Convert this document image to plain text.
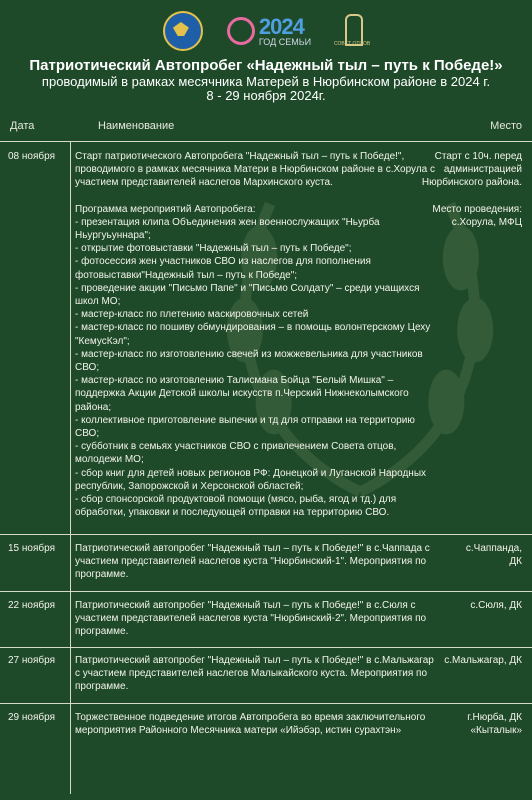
2024
ГОД СЕМЬИ	СОВЕТ ОТЦОВ
Патриотический Автопробег «Надежный тыл – путь к Победе!»
проводимый в рамках месячника Матерей в Нюрбинском районе в 2024 г.
8 - 29 ноября 2024г.
Дата	Наименование	Место
08 ноября Старт патриотического Автопробега "Надежный тыл – путь к Победе!", проводимого в рамках месячника Матери в Нюрбинском районе в с.Хорула с участием представителей наслегов Мархинского куста.

Программа мероприятий Автопробега:

- презентация клипа Объединения жен военнослужащих "Ньурба Ньургуьуннара";

- открытие фотовыставки "Надежный тыл – путь к Победе";

- фотосессия жен участников СВО из наслегов для пополнения фотовыставки"Надежный тыл – путь к Победе";

- проведение акции "Письмо Папе" и "Письмо Солдату" – среди учащихся школ МО;

- мастер-класс по плетению маскировочных сетей

- мастер-класс по пошиву обмундирования – в помощь волонтерскому Цеху "КемусКэл";

- мастер-класс по изготовлению свечей из можжевельника для участников СВО;

- мастер-класс по изготовлению Талисмана Бойца "Белый Мишка" – поддержка Акции Детской школы искусств п.Черский Нижнеколымского района;

- коллективное приготовление выпечки и тд для отправки на территорию СВО;

- субботник в семьях участников СВО с привлечением Совета отцов, молодежи МО;

- сбор книг для детей новых регионов РФ: Донецкой и Луганской Народных республик, Запорожской и Херсонской областей;

- сбор спонсорской продуктовой помощи (мясо, рыба, ягод и тд.) для обработки, упаковки и последующей отправки на территорию СВО.

Старт с 10ч. перед администрацией Нюрбинского района.
Место проведения: с.Хорула, МФЦ
15 ноября Патриотический автопробег "Надежный тыл – путь к Победе!" в с.Чаппада с участием представителей наслегов куста "Нюрбинский-1". Мероприятия по программе.
с.Чаппанда, ДК
22 ноября Патриотический автопробег "Надежный тыл – путь к Победе!" в с.Сюля с участием представителей наслегов куста "Нюрбинский-2". Мероприятия по программе.
с.Сюля, ДК
27 ноября Патриотический автопробег "Надежный тыл – путь к Победе!" в с.Мальжагар с участием представителей наслегов Малыкайского куста. Мероприятия по программе.
с.Мальжагар, ДК
29 ноября Торжественное подведение итогов Автопробега во время заключительного мероприятия Районного Месячника матери «Ийэбэр, истин сурахтэн»
г.Нюрба, ДК «Кыталык»
